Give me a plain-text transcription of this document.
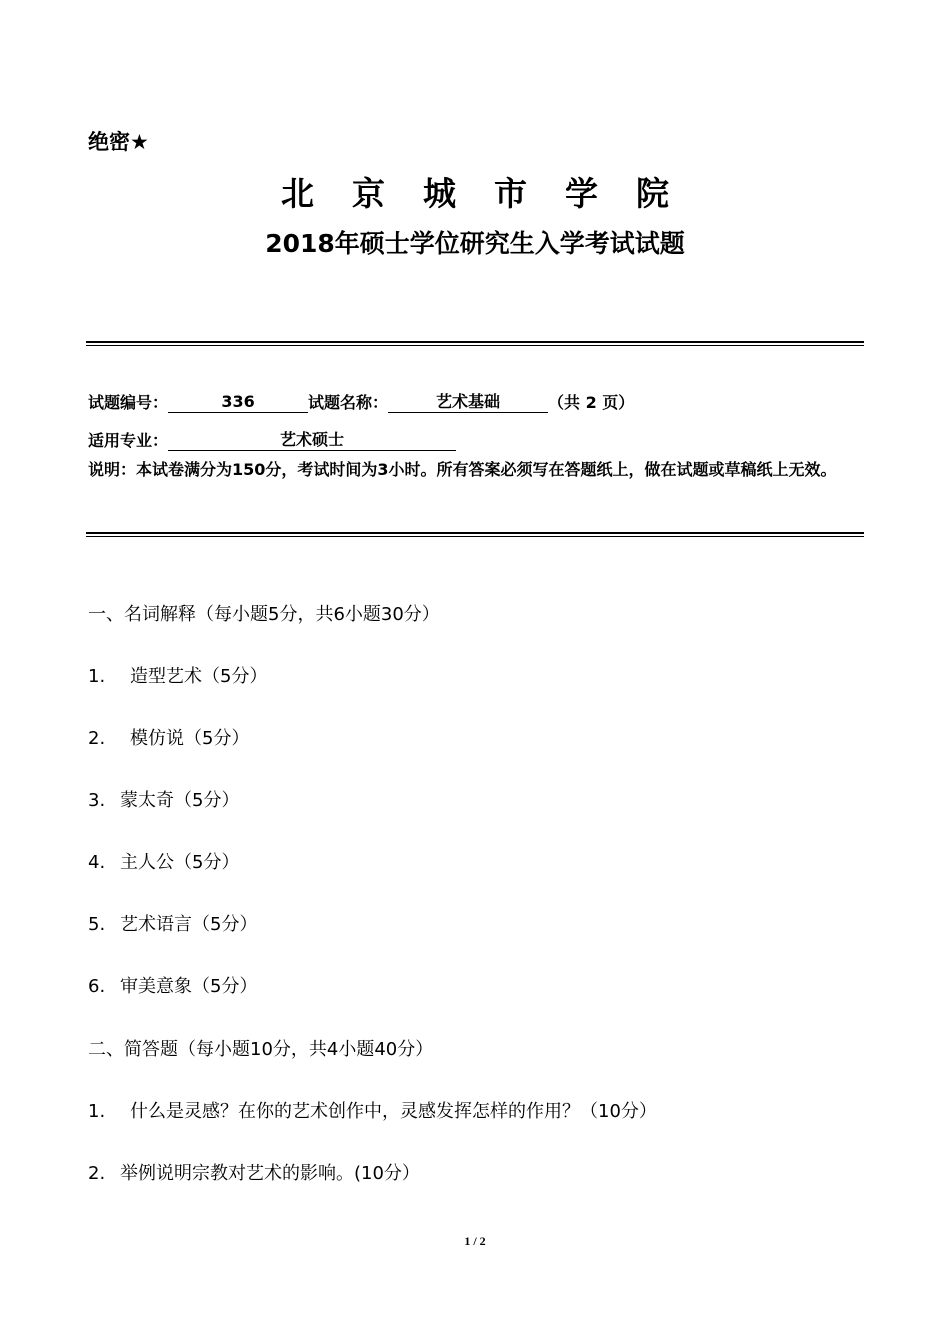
绝密★
北京城市学院
2018年硕士学位研究生入学考试试题
试题编号：	336	试题名称：	艺术基础	（共 2 页）
适用专业：	艺术硕士
说明：本试卷满分为150分，考试时间为3小时。所有答案必须写在答题纸上，做在试题或草稿纸上无效。
一、名词解释（每小题5分，共6小题30分）
1. 造型艺术（5分）
2. 模仿说（5分）
3. 蒙太奇（5分）
4. 主人公（5分）
5. 艺术语言（5分）
6. 审美意象（5分）
二、简答题（每小题10分，共4小题40分）
1. 什么是灵感？在你的艺术创作中，灵感发挥怎样的作用？（10分）
2. 举例说明宗教对艺术的影响。(10分）
1 / 2
